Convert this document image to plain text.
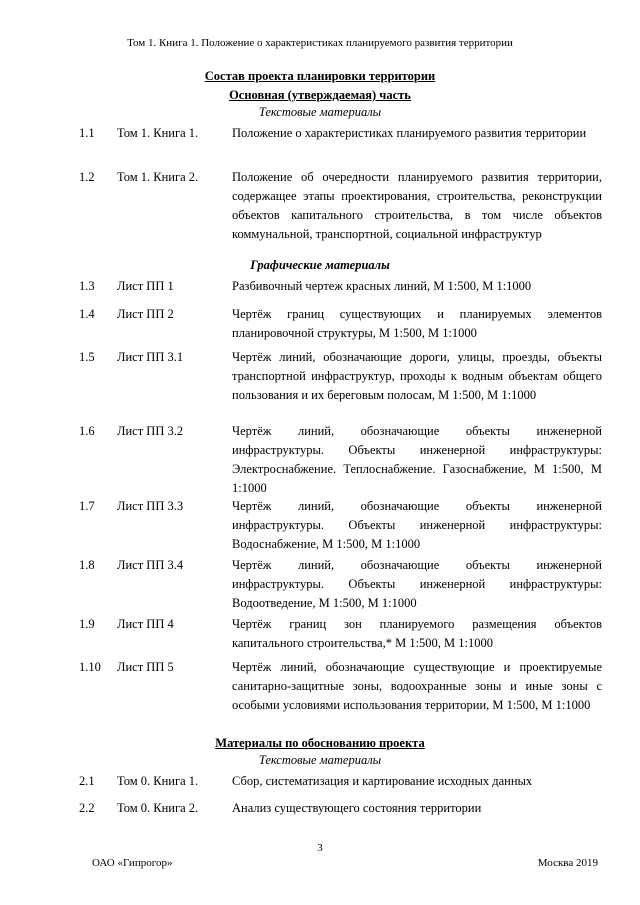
Том 1. Книга 1. Положение о характеристиках планируемого развития территории
Состав проекта планировки территории
Основная (утверждаемая) часть
Текстовые материалы
1.1 Том 1. Книга 1.	Положение о характеристиках планируемого развития территории
1.2 Том 1. Книга 2.	Положение об очередности планируемого развития территории, содержащее этапы проектирования, строительства, реконструкции объектов капитального строительства, в том числе объектов коммунальной, транспортной, социальной инфраструктур
Графические материалы
1.3 Лист ПП 1	Разбивочный чертеж красных линий, М 1:500, М 1:1000
1.4 Лист ПП 2	Чертёж границ существующих и планируемых элементов планировочной структуры, М 1:500, М 1:1000
1.5 Лист ПП 3.1	Чертёж линий, обозначающие дороги, улицы, проезды, объекты транспортной инфраструктур, проходы к водным объектам общего пользования и их береговым полосам, М 1:500, М 1:1000
1.6 Лист ПП 3.2	Чертёж линий, обозначающие объекты инженерной инфраструктуры. Объекты инженерной инфраструктуры: Электроснабжение. Теплоснабжение. Газоснабжение, М 1:500, М 1:1000
1.7 Лист ПП 3.3	Чертёж линий, обозначающие объекты инженерной инфраструктуры. Объекты инженерной инфраструктуры: Водоснабжение, М 1:500, М 1:1000
1.8 Лист ПП 3.4	Чертёж линий, обозначающие объекты инженерной инфраструктуры. Объекты инженерной инфраструктуры: Водоотведение, М 1:500, М 1:1000
1.9 Лист ПП 4	Чертёж границ зон планируемого размещения объектов капитального строительства,* М 1:500, М 1:1000
1.10 Лист ПП 5	Чертёж линий, обозначающие существующие и проектируемые санитарно-защитные зоны, водоохранные зоны и иные зоны с особыми условиями использования территории, М 1:500, М 1:1000
Материалы по обоснованию проекта
Текстовые материалы
2.1 Том 0. Книга 1.	Сбор, систематизация и картирование исходных данных
2.2 Том 0. Книга 2.	Анализ существующего состояния территории
3
ОАО «Гипрогор»	Москва 2019
